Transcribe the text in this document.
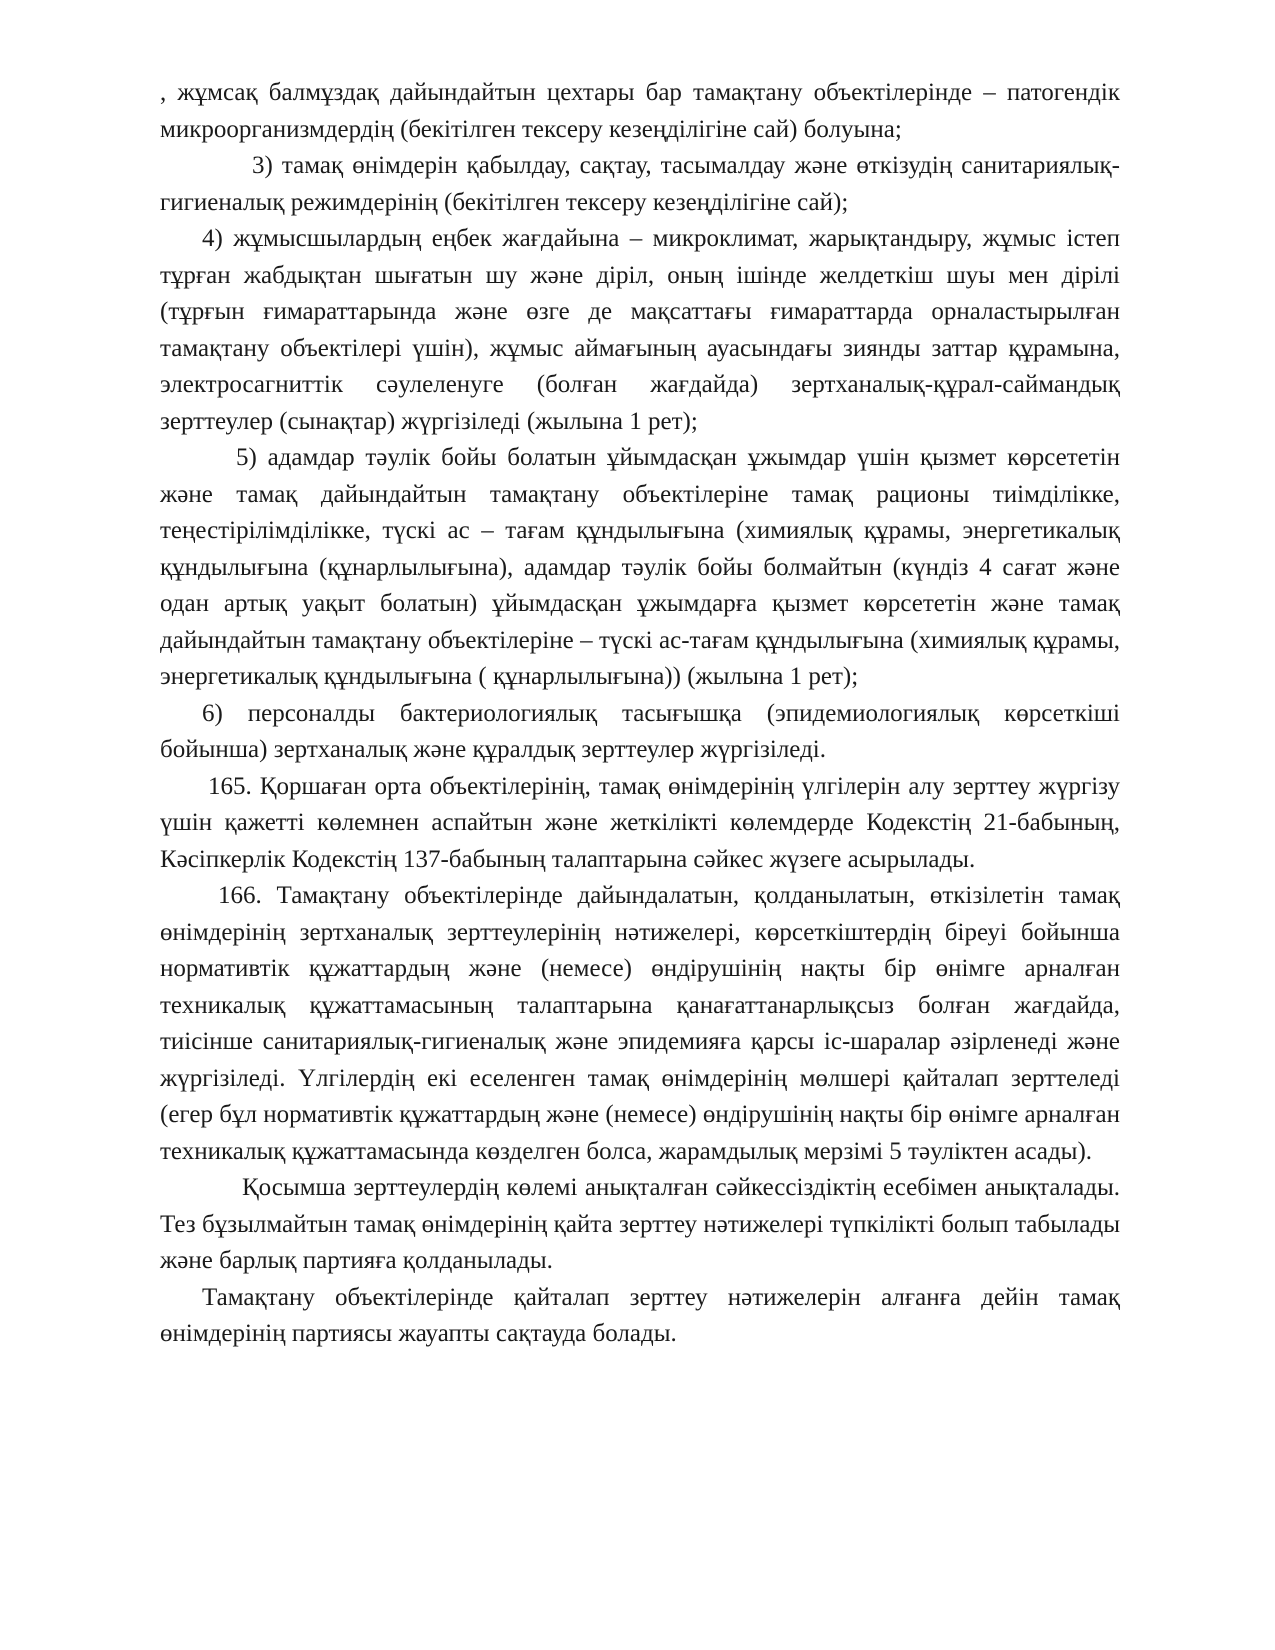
, жұмсақ балмұздақ дайындайтын цехтары бар тамақтану объектілерінде – патогендік микроорганизмдердің (бекітілген тексеру кезеңділігіне сай) болуына;

3) тамақ өнімдерін қабылдау, сақтау, тасымалдау және өткізудің санитариялық-гигиеналық режимдерінің (бекітілген тексеру кезеңділігіне сай);

4) жұмысшылардың еңбек жағдайына – микроклимат, жарықтандыру, жұмыс істеп тұрған жабдықтан шығатын шу және діріл, оның ішінде желдеткіш шуы мен дірілі (тұрғын ғимараттарында және өзге де мақсаттағы ғимараттарда орналастырылған тамақтану объектілері үшін), жұмыс аймағының ауасындағы зиянды заттар құрамына, электросагниттік сәулеленуге (болған жағдайда) зертханалық-құрал-саймандық зерттеулер (сынақтар) жүргізіледі (жылына 1 рет);

5) адамдар тәулік бойы болатын ұйымдасқан ұжымдар үшін қызмет көрсететін және тамақ дайындайтын тамақтану объектілеріне тамақ рационы тиімділікке, теңестірілімділікке, түскі ас – тағам құндылығына (химиялық құрамы, энергетикалық құндылығына (құнарлылығына), адамдар тәулік бойы болмайтын (күндіз 4 сағат және одан артық уақыт болатын) ұйымдасқан ұжымдарға қызмет көрсететін және тамақ дайындайтын тамақтану объектілеріне – түскі ас-тағам құндылығына (химиялық құрамы, энергетикалық құндылығына ( құнарлылығына)) (жылына 1 рет);

6) персоналды бактериологиялық тасығышқа (эпидемиологиялық көрсеткіші бойынша) зертханалық және құралдық зерттеулер жүргізіледі.

165. Қоршаған орта объектілерінің, тамақ өнімдерінің үлгілерін алу зерттеу жүргізу үшін қажетті көлемнен аспайтын және жеткілікті көлемдерде Кодекстің 21-бабының, Кәсіпкерлік Кодекстің 137-бабының талаптарына сәйкес жүзеге асырылады.

166. Тамақтану объектілерінде дайындалатын, қолданылатын, өткізілетін тамақ өнімдерінің зертханалық зерттеулерінің нәтижелері, көрсеткіштердің біреуі бойынша нормативтік құжаттардың және (немесе) өндірушінің нақты бір өнімге арналған техникалық құжаттамасының талаптарына қанағаттанарлықсыз болған жағдайда, тиісінше санитариялық-гигиеналық және эпидемияға қарсы іс-шаралар әзірленеді және жүргізіледі. Үлгілердің екі еселенген тамақ өнімдерінің мөлшері қайталап зерттеледі (егер бұл нормативтік құжаттардың және (немесе) өндірушінің нақты бір өнімге арналған техникалық құжаттамасында көзделген болса, жарамдылық мерзімі 5 тәуліктен асады).

Қосымша зерттеулердің көлемі анықталған сәйкессіздіктің есебімен анықталады. Тез бұзылмайтын тамақ өнімдерінің қайта зерттеу нәтижелері түпкілікті болып табылады және барлық партияға қолданылады.

Тамақтану объектілерінде қайталап зерттеу нәтижелерін алғанға дейін тамақ өнімдерінің партиясы жауапты сақтауда болады.
